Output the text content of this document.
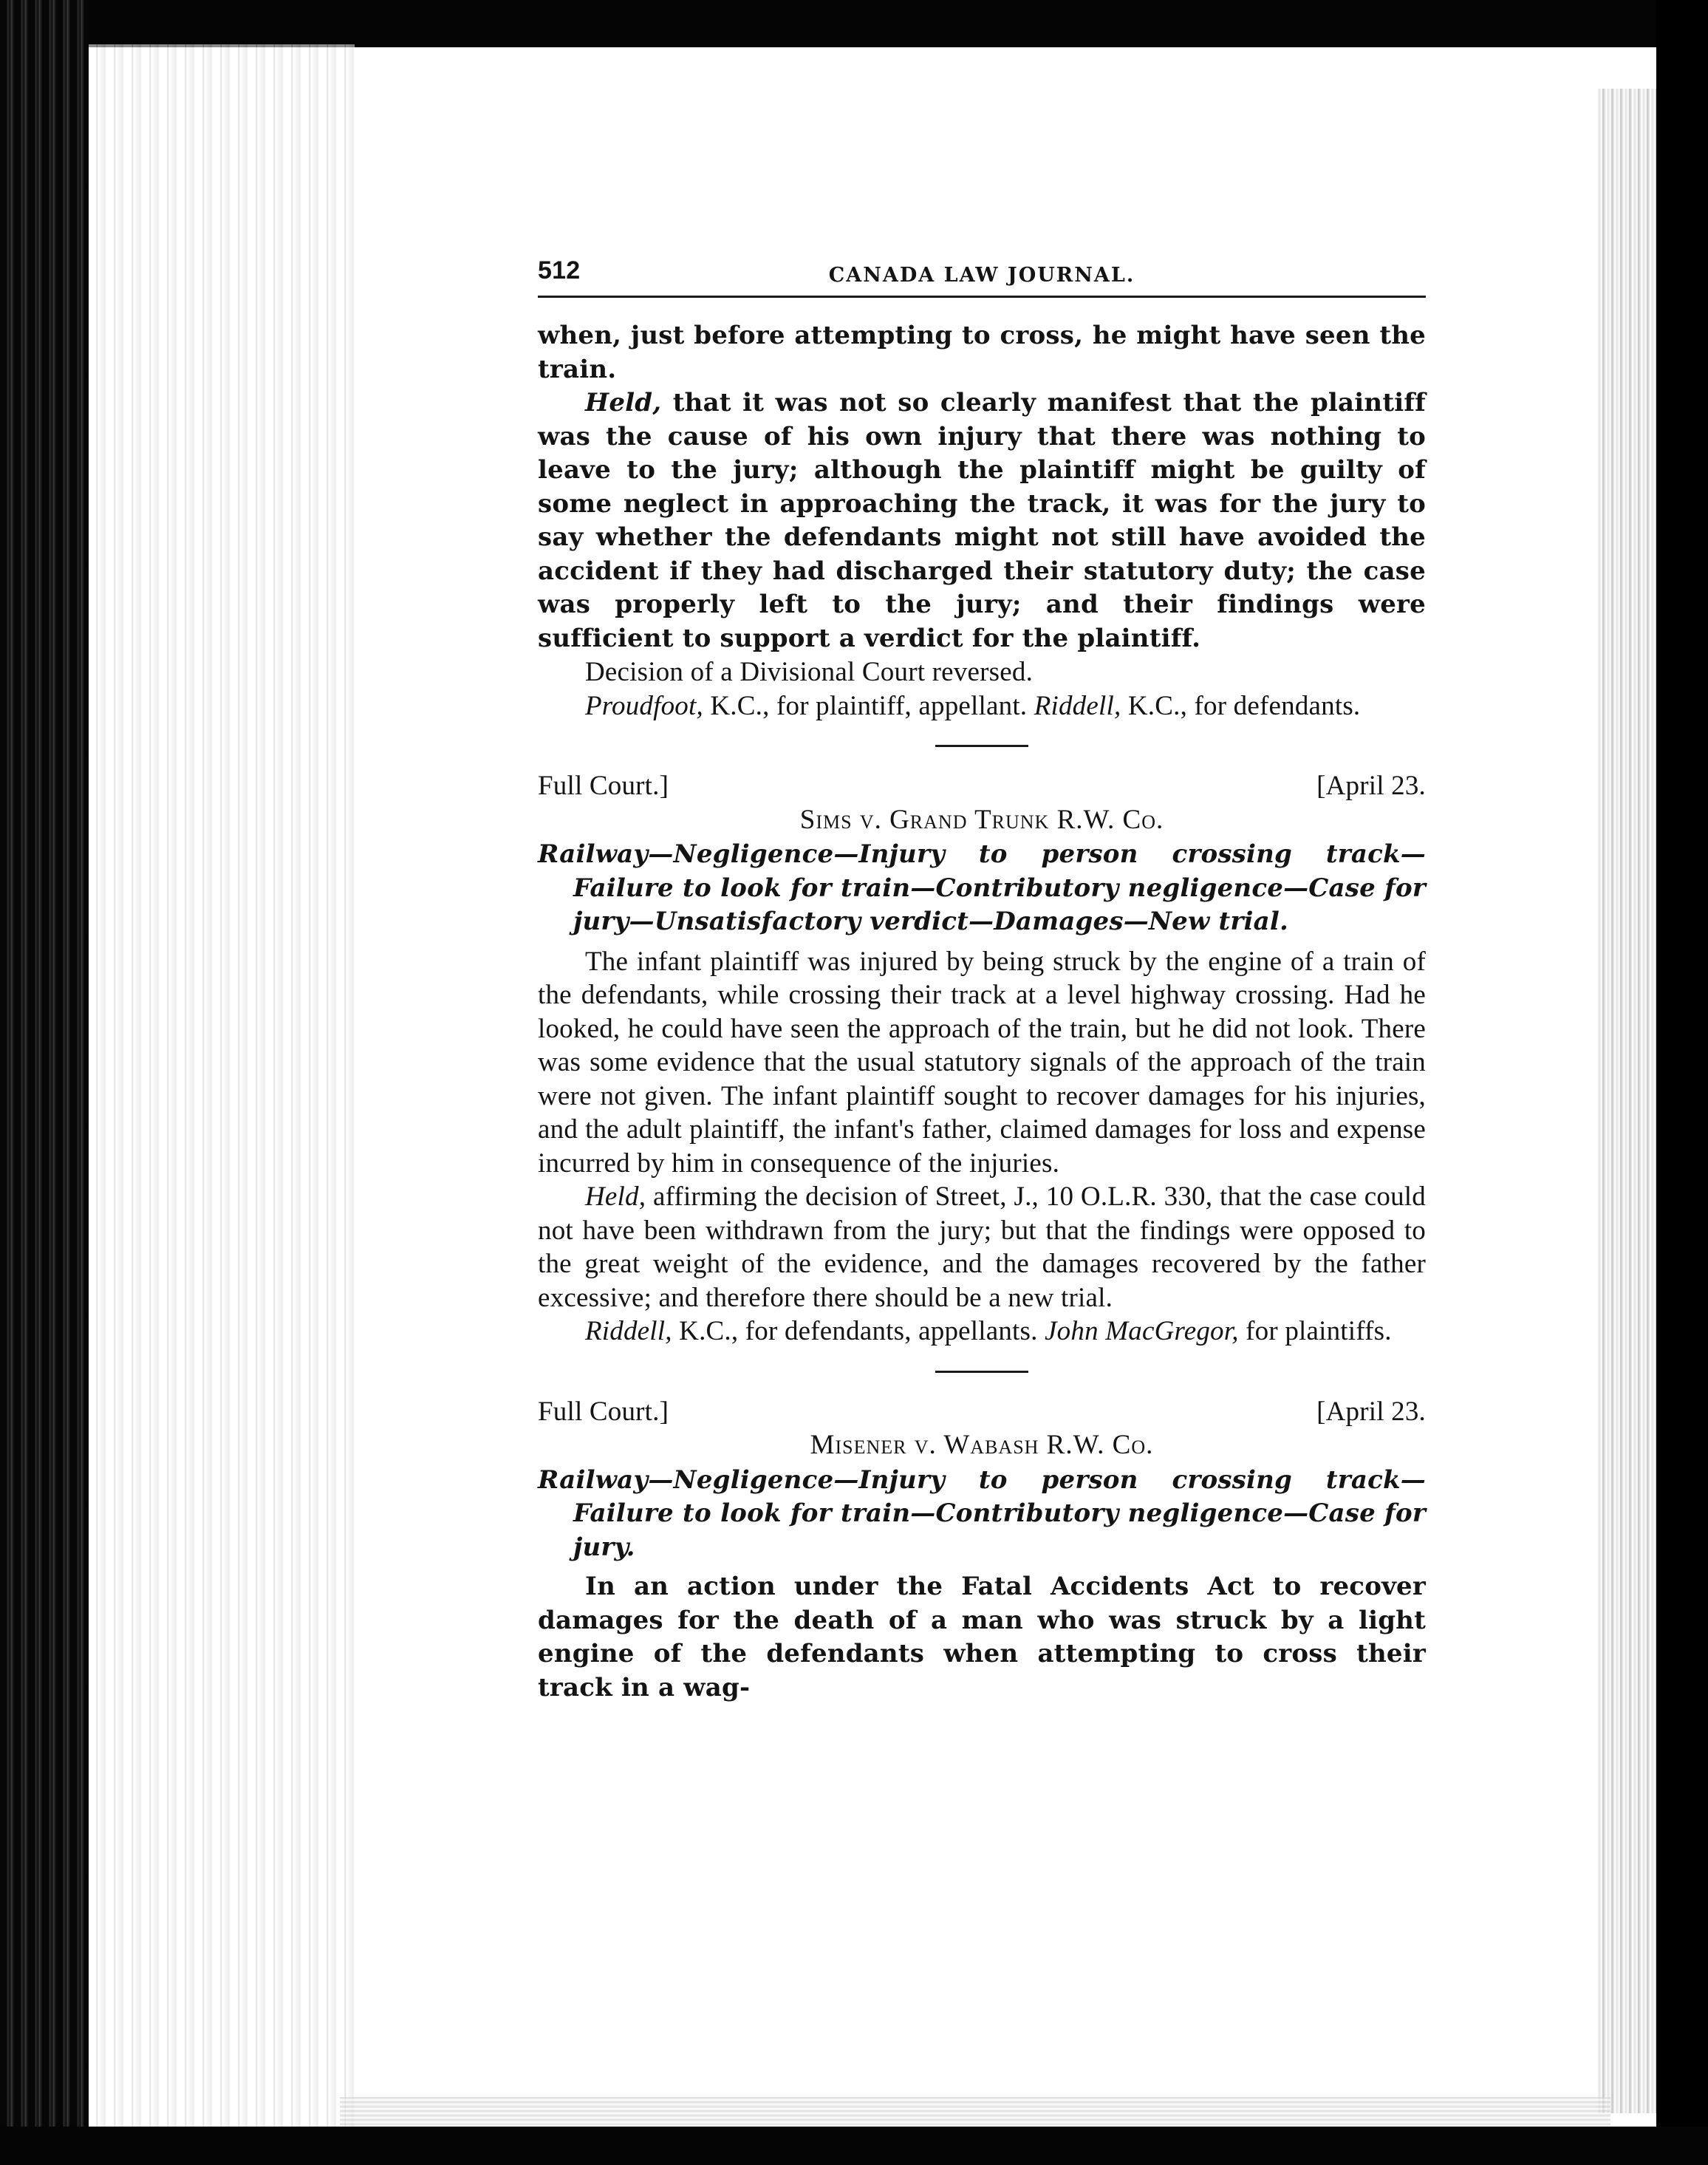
512	CANADA LAW JOURNAL.

when, just before attempting to cross, he might have seen the train.

Held, that it was not so clearly manifest that the plaintiff was the cause of his own injury that there was nothing to leave to the jury; although the plaintiff might be guilty of some neglect in approaching the track, it was for the jury to say whether the defendants might not still have avoided the accident if they had discharged their statutory duty; the case was properly left to the jury; and their findings were sufficient to support a verdict for the plaintiff.

Decision of a Divisional Court reversed.

Proudfoot, K.C., for plaintiff, appellant. Riddell, K.C., for defendants.

Full Court.]	[April 23.

Sims v. Grand Trunk R.W. Co.

Railway—Negligence—Injury to person crossing track—Failure to look for train—Contributory negligence—Case for jury—Unsatisfactory verdict—Damages—New trial.

The infant plaintiff was injured by being struck by the engine of a train of the defendants, while crossing their track at a level highway crossing. Had he looked, he could have seen the approach of the train, but he did not look. There was some evidence that the usual statutory signals of the approach of the train were not given. The infant plaintiff sought to recover damages for his injuries, and the adult plaintiff, the infant's father, claimed damages for loss and expense incurred by him in consequence of the injuries.

Held, affirming the decision of Street, J., 10 O.L.R. 330, that the case could not have been withdrawn from the jury; but that the findings were opposed to the great weight of the evidence, and the damages recovered by the father excessive; and therefore there should be a new trial.

Riddell, K.C., for defendants, appellants. John MacGregor, for plaintiffs.

Full Court.]	[April 23.

Misener v. Wabash R.W. Co.

Railway—Negligence—Injury to person crossing track—Failure to look for train—Contributory negligence—Case for jury.

In an action under the Fatal Accidents Act to recover damages for the death of a man who was struck by a light engine of the defendants when attempting to cross their track in a wag-
